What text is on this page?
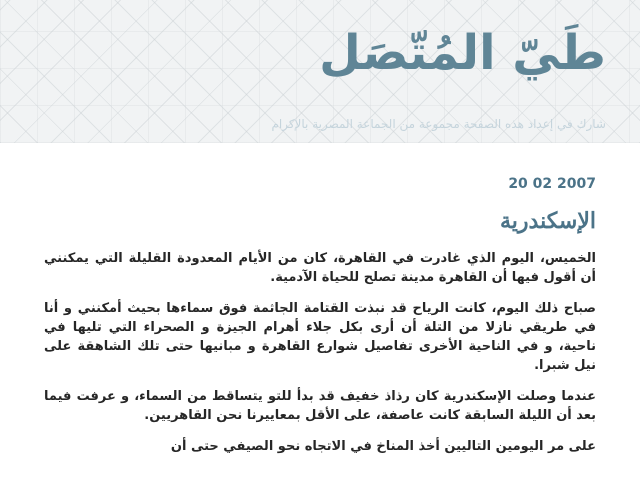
طَيّ المُتّصَل

شارك في إعداد هذه الصفحة مجموعة من الجماعة المصرية بالإكرام

20 02 2007
الإسكندرية

الخميس، اليوم الذي غادرت في القاهرة، كان من الأيام المعدودة القليلة التي يمكنني أن أقول فيها أن القاهرة مدينة تصلح للحياة الآدمية.

صباح ذلك اليوم، كانت الرياح قد نبذت القتامة الجاثمة فوق سماءها بحيث أمكنني و أنا في طريقي نازلا من التلة أن أرى بكل جلاء أهرام الجيزة و الصحراء التي تليها في ناحية، و في الناحية الأخرى تفاصيل شوارع القاهرة و مبانيها حتى تلك الشاهقة على نيل شبرا.

عندما وصلت الإسكندرية كان رذاذ خفيف قد بدأ للتو يتساقط من السماء، و عرفت فيما بعد أن الليلة السابقة كانت عاصفة، على الأقل بمعاييرنا نحن القاهريين.

على مر اليومين التاليين أخذ المناخ في الاتجاه نحو الصيفي حتى أن
